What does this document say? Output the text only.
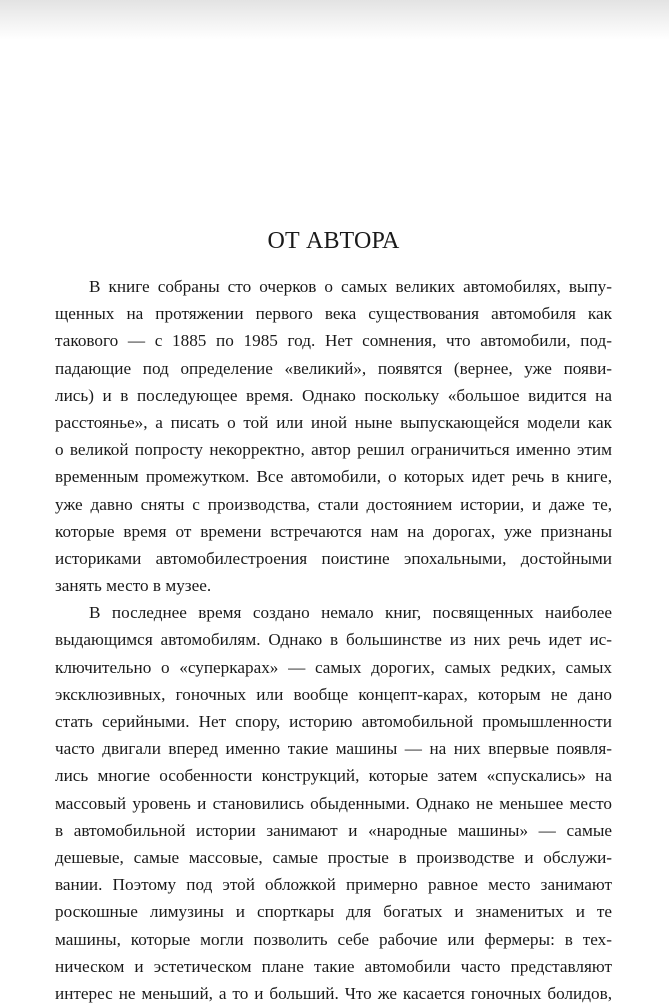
ОТ АВТОРА
В книге собраны сто очерков о самых великих автомобилях, выпу-
щенных на протяжении первого века существования автомобиля как
такового — с 1885 по 1985 год. Нет сомнения, что автомобили, под-
падающие под определение «великий», появятся (вернее, уже появи-
лись) и в последующее время. Однако поскольку «большое видится на
расстоянье», а писать о той или иной ныне выпускающейся модели как
о великой попросту некорректно, автор решил ограничиться именно этим
временным промежутком. Все автомобили, о которых идет речь в книге,
уже давно сняты с производства, стали достоянием истории, и даже те,
которые время от времени встречаются нам на дорогах, уже признаны
историками автомобилестроения поистине эпохальными, достойными
занять место в музее.
В последнее время создано немало книг, посвященных наиболее
выдающимся автомобилям. Однако в большинстве из них речь идет ис-
ключительно о «суперкарах» — самых дорогих, самых редких, самых
эксклюзивных, гоночных или вообще концепт-карах, которым не дано
стать серийными. Нет спору, историю автомобильной промышленности
часто двигали вперед именно такие машины — на них впервые появля-
лись многие особенности конструкций, которые затем «спускались» на
массовый уровень и становились обыденными. Однако не меньшее место
в автомобильной истории занимают и «народные машины» — самые
дешевые, самые массовые, самые простые в производстве и обслужи-
вании. Поэтому под этой обложкой примерно равное место занимают
роскошные лимузины и спорткары для богатых и знаменитых и те
машины, которые могли позволить себе рабочие или фермеры: в тех-
ническом и эстетическом плане такие автомобили часто представляют
интерес не меньший, а то и больший. Что же касается гоночных болидов,
